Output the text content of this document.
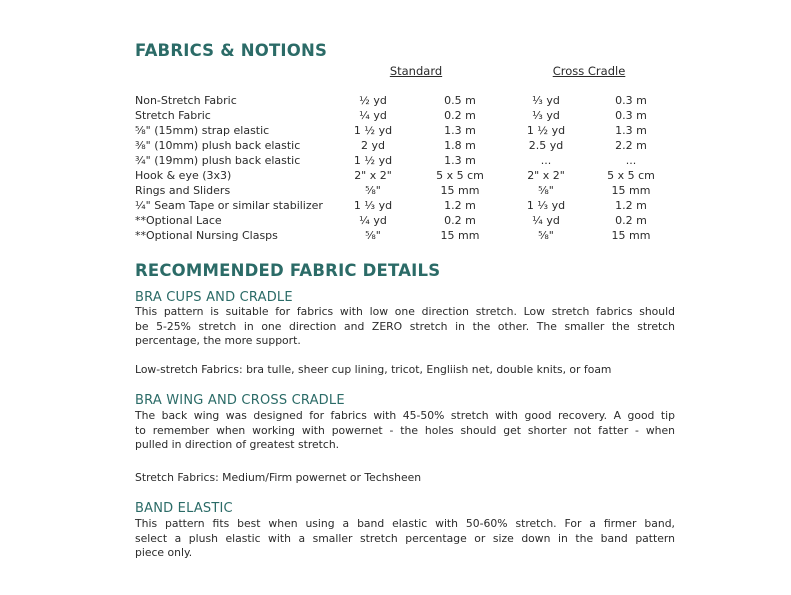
FABRICS & NOTIONS
Standard	Cross Cradle
Non-Stretch Fabric	½ yd	0.5 m	⅓ yd	0.3 m
Stretch Fabric	¼ yd	0.2 m	⅓ yd	0.3 m
⅝" (15mm) strap elastic	1 ½ yd	1.3 m	1 ½ yd	1.3 m
⅜" (10mm) plush back elastic	2 yd	1.8 m	2.5 yd	2.2 m
¾" (19mm) plush back elastic	1 ½ yd	1.3 m	...	...
Hook & eye (3x3)	2" x 2"	5 x 5 cm	2" x 2"	5 x 5 cm
Rings and Sliders	⅝"	15 mm	⅝"	15 mm
¼" Seam Tape or similar stabilizer	1 ⅓ yd	1.2 m	1 ⅓ yd	1.2 m
**Optional Lace	¼ yd	0.2 m	¼ yd	0.2 m
**Optional Nursing Clasps	⅝"	15 mm	⅝"	15 mm
RECOMMENDED FABRIC DETAILS
BRA CUPS AND CRADLE
This pattern is suitable for fabrics with low one direction stretch. Low stretch fabrics should
be 5-25% stretch in one direction and ZERO stretch in the other. The smaller the stretch
percentage, the more support.
Low-stretch Fabrics: bra tulle, sheer cup lining, tricot, Engliish net, double knits, or foam
BRA WING AND CROSS CRADLE
The back wing was designed for fabrics with 45-50% stretch with good recovery. A good tip
to remember when working with powernet - the holes should get shorter not fatter - when
pulled in direction of greatest stretch.
Stretch Fabrics: Medium/Firm powernet or Techsheen
BAND ELASTIC
This pattern fits best when using a band elastic with 50-60% stretch. For a firmer band,
select a plush elastic with a smaller stretch percentage or size down in the band pattern
piece only.
